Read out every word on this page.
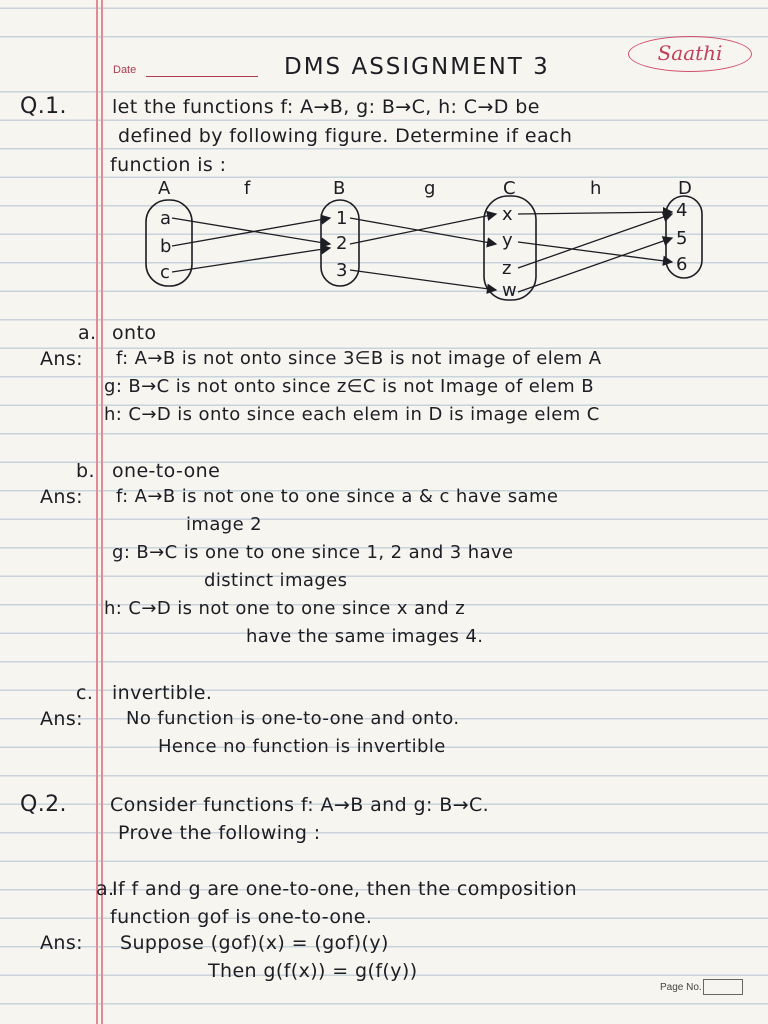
Saathi
Date	DMS ASSIGNMENT 3
Q.1. let the functions f: A→B, g: B→C, h: C→D be
defined by following figure. Determine if each
function is :
A	f	B	g	C	h	D
a
b
c
1
2
3
x
y
z
w
4
5
6
a. onto
Ans: f: A→B is not onto since 3∈B is not image of elem A
g: B→C is not onto since z∈C is not Image of elem B
h: C→D is onto since each elem in D is image elem C
b. one-to-one
Ans: f: A→B is not one to one since a & c have same
image 2
g: B→C is one to one since 1, 2 and 3 have
distinct images
h: C→D is not one to one since x and z
have the same images 4.
c. invertible.
Ans: No function is one-to-one and onto.
Hence no function is invertible
Q.2. Consider functions f: A→B and g: B→C.
Prove the following :
a.
If f and g are one-to-one, then the composition
function gof is one-to-one.
Ans: Suppose (gof)(x) = (gof)(y)
Then g(f(x)) = g(f(y))
Page No.
